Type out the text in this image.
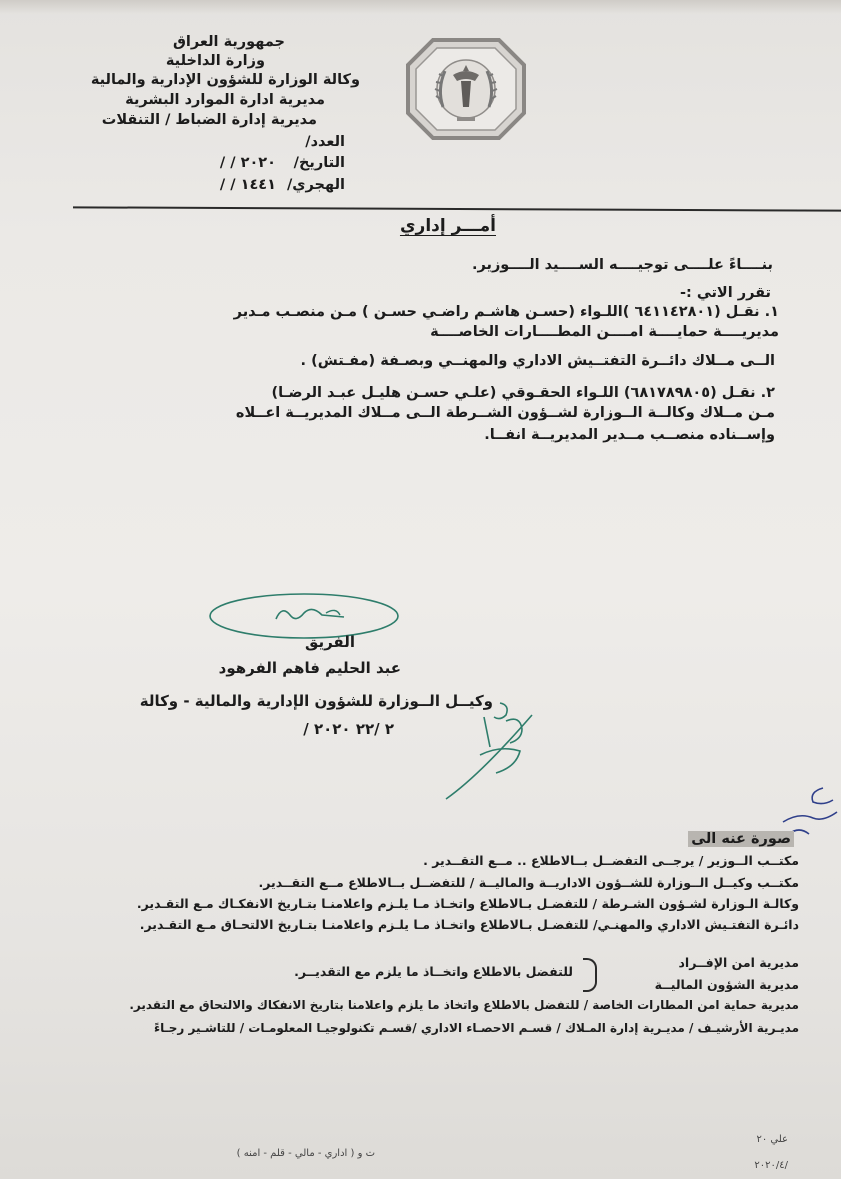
جمهورية العراق
وزارة الداخلية
وكالة الوزارة للشؤون الإدارية والمالية
مديرية ادارة الموارد البشرية
مديرية إدارة الضباط / التنقلات
العدد/
التاريخ/
/ / ٢٠٢٠
الهجري/
/ / ١٤٤١
أمـــر إداري
بنــــاءً علــــى توجيــــه الســــيد الــــوزير.
تقرر الاتي :-
١. نقـل (٦٤١١٤٢٨٠١ )اللـواء (حسـن هاشـم راضـي حسـن ) مـن منصـب مـدير
مديريــــة حمايــــة امــــن المطــــارات الخاصــــة
الــى مــلاك دائــرة التفتــيش الاداري والمهنــي وبصـفة (مفـتش) .
٢. نقـل (٦٨١٧٨٩٨٠٥) اللـواء الحقـوقي (علـي حسـن هليـل عبـد الرضـا)
مـن مــلاك وكالــة الــوزارة لشــؤون الشــرطة الــى مــلاك المديريــة اعــلاه
وإســناده منصــب مــدير المديريــة انفــا.
الفريق
عبد الحليم فاهم الفرهود
وكيــل الــوزارة للشؤون الإدارية والمالية - وكالة
/ ٢ /٢٢ ٢٠٢٠
صورة عنه الى
مكتــب الــوزير / يرجــى التفضــل بــالاطلاع .. مــع التقــدير .
مكتــب وكيــل الــوزارة للشــؤون الاداريــة والماليــة / للتفضــل بــالاطلاع مــع التقــدير.
وكالـة الـوزارة لشـؤون الشـرطة / للتفضـل بـالاطلاع واتخـاذ مـا يلـزم واعلامنـا بتـاريخ الانفكـاك مـع التقـدير.
دائـرة التفتـيش الاداري والمهنـي/ للتفضـل بـالاطلاع واتخـاذ مـا يلـزم واعلامنـا بتـاريخ الالتحـاق مـع التقـدير.
مديرية امن الإفــراد
مديرية الشؤون الماليــة
للتفضل بالاطلاع واتخــاذ ما يلزم مع التقديــر.
مديرية حماية امن المطارات الخاصة / للتفضل بالاطلاع واتخاذ ما يلزم واعلامنا بتاريخ الانفكاك والالتحاق مع التقدير.
مديـرية الأرشيـف / مديـرية إدارة المـلاك / قسـم الاحصـاء الاداري /قسـم تكنولوجيـا المعلومـات / للتاشـير رجـاءً
علي ٢٠
ت و ( اداري - مالي - قلم - امنه )
٢٠٢٠/٤/
